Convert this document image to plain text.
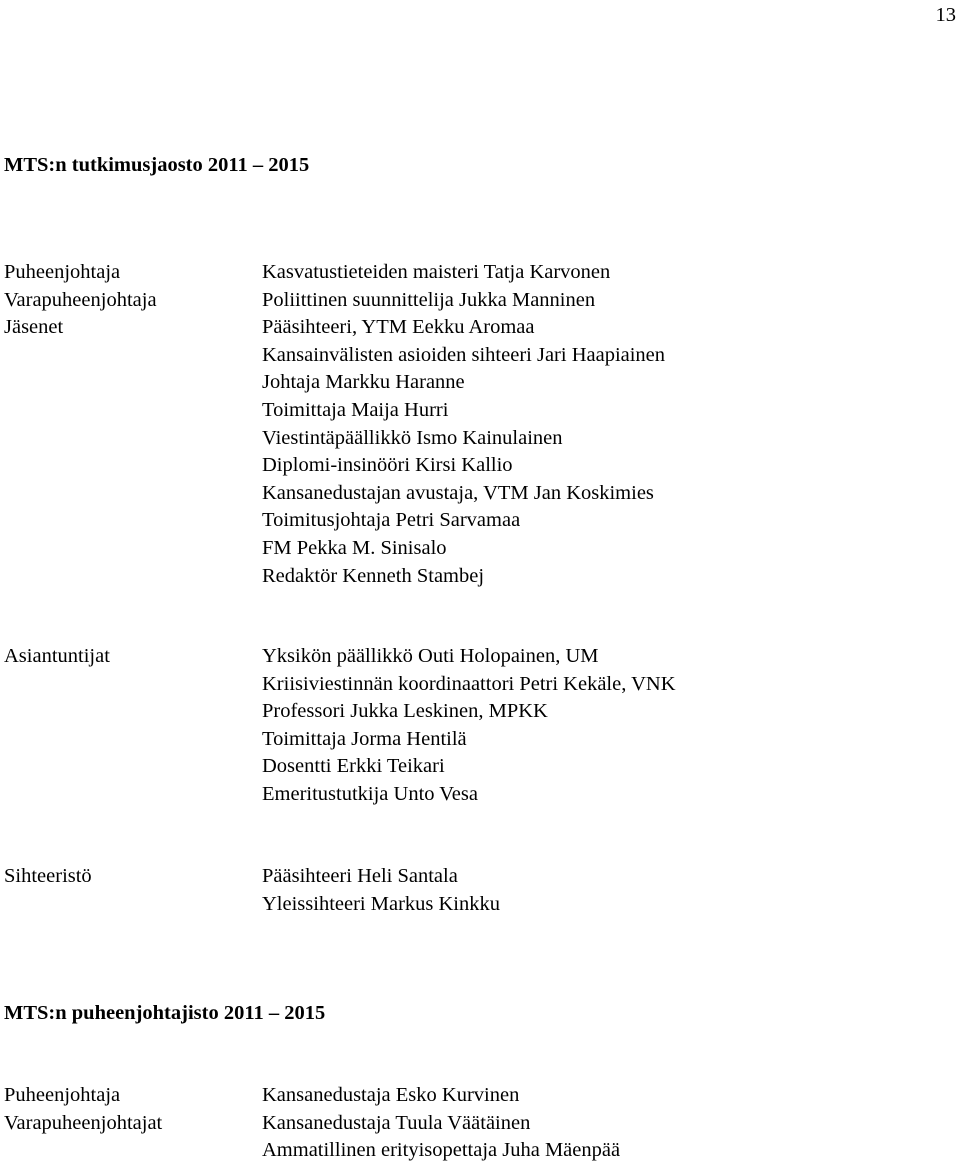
13
MTS:n tutkimusjaosto 2011 – 2015
Puheenjohtaja
Varapuheenjohtaja
Jäsenet
Kasvatustieteiden maisteri Tatja Karvonen
Poliittinen suunnittelija Jukka Manninen
Pääsihteeri, YTM Eekku Aromaa
Kansainvälisten asioiden sihteeri Jari Haapiainen
Johtaja Markku Haranne
Toimittaja Maija Hurri
Viestintäpäällikkö Ismo Kainulainen
Diplomi-insinööri Kirsi Kallio
Kansanedustajan avustaja, VTM Jan Koskimies
Toimitusjohtaja Petri Sarvamaa
FM Pekka M. Sinisalo
Redaktör Kenneth Stambej
Asiantuntijat	Yksikön päällikkö Outi Holopainen, UM
Kriisiviestinnän koordinaattori Petri Kekäle, VNK
Professori Jukka Leskinen, MPKK
Toimittaja Jorma Hentilä
Dosentti Erkki Teikari
Emeritustutkija Unto Vesa
Sihteeristö	Pääsihteeri Heli Santala
Yleissihteeri Markus Kinkku
MTS:n puheenjohtajisto 2011 – 2015
Puheenjohtaja
Varapuheenjohtajat
Kansanedustaja Esko Kurvinen
Kansanedustaja Tuula Väätäinen
Ammatillinen erityisopettaja Juha Mäenpää
